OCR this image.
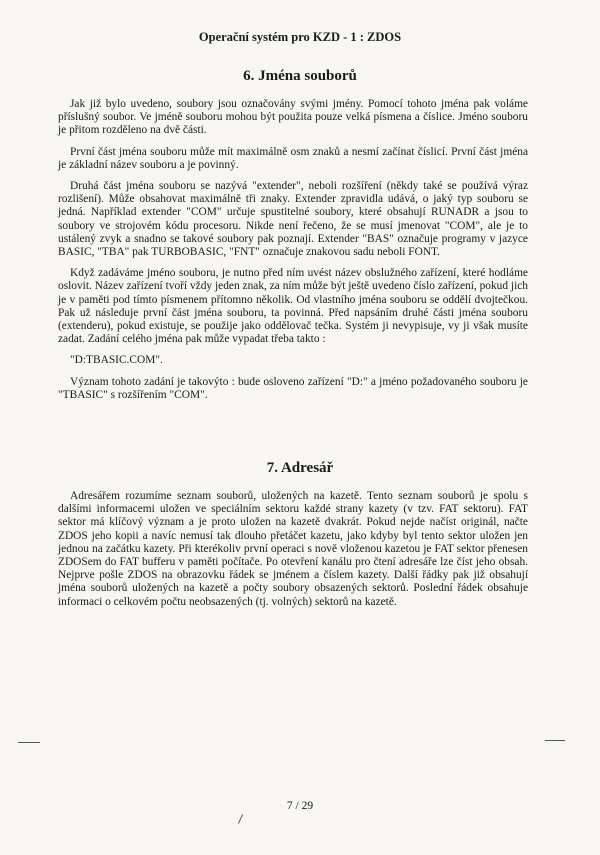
Operační systém pro KZD - 1 : ZDOS
6. Jména souborů

Jak již bylo uvedeno, soubory jsou označovány svými jmény. Pomocí tohoto jména pak voláme příslušný soubor. Ve jméně souboru mohou být použita pouze velká písmena a číslice. Jméno souboru je přitom rozděleno na dvě části.

První část jména souboru může mít maximálně osm znaků a nesmí začínat číslicí. První část jména je základní název souboru a je povinný.

Druhá část jména souboru se nazývá "extender", neboli rozšíření (někdy také se používá výraz rozlišení). Může obsahovat maximálně tři znaky. Extender zpravidla udává, o jaký typ souboru se jedná. Například extender "COM" určuje spustitelné soubory, které obsahují RUNADR a jsou to soubory ve strojovém kódu procesoru. Nikde není řečeno, že se musí jmenovat "COM", ale je to ustálený zvyk a snadno se takové soubory pak poznají. Extender "BAS" označuje programy v jazyce BASIC, "TBA" pak TURBOBASIC, "FNT" označuje znakovou sadu neboli FONT.

Když zadáváme jméno souboru, je nutno před ním uvést název obslužného zařízení, které hodláme oslovit. Název zařízení tvoří vždy jeden znak, za ním může být ještě uvedeno číslo zařízení, pokud jich je v paměti pod tímto písmenem přítomno několik. Od vlastního jména souboru se oddělí dvojtečkou. Pak už následuje první část jména souboru, ta povinná. Před napsáním druhé části jména souboru (extenderu), pokud existuje, se použije jako oddělovač tečka. Systém ji nevypisuje, vy ji však musíte zadat. Zadání celého jména pak může vypadat třeba takto :

"D:TBASIC.COM".

Význam tohoto zadání je takovýto : bude osloveno zařízení "D:" a jméno požadovaného souboru je "TBASIC" s rozšířením "COM".

7. Adresář

Adresářem rozumíme seznam souborů, uložených na kazetě. Tento seznam souborů je spolu s dalšími informacemi uložen ve speciálním sektoru každé strany kazety (v tzv. FAT sektoru). FAT sektor má klíčový význam a je proto uložen na kazetě dvakrát. Pokud nejde načíst originál, načte ZDOS jeho kopii a navíc nemusí tak dlouho přetáčet kazetu, jako kdyby byl tento sektor uložen jen jednou na začátku kazety. Při kterékoliv první operaci s nově vloženou kazetou je FAT sektor přenesen ZDOSem do FAT bufferu v paměti počítače. Po otevření kanálu pro čtení adresáře lze číst jeho obsah. Nejprve pošle ZDOS na obrazovku řádek se jménem a číslem kazety. Další řádky pak již obsahují jména souborů uložených na kazetě a počty soubory obsazených sektorů. Poslední řádek obsahuje informaci o celkovém počtu neobsazených (tj. volných) sektorů na kazetě.

7 / 29
